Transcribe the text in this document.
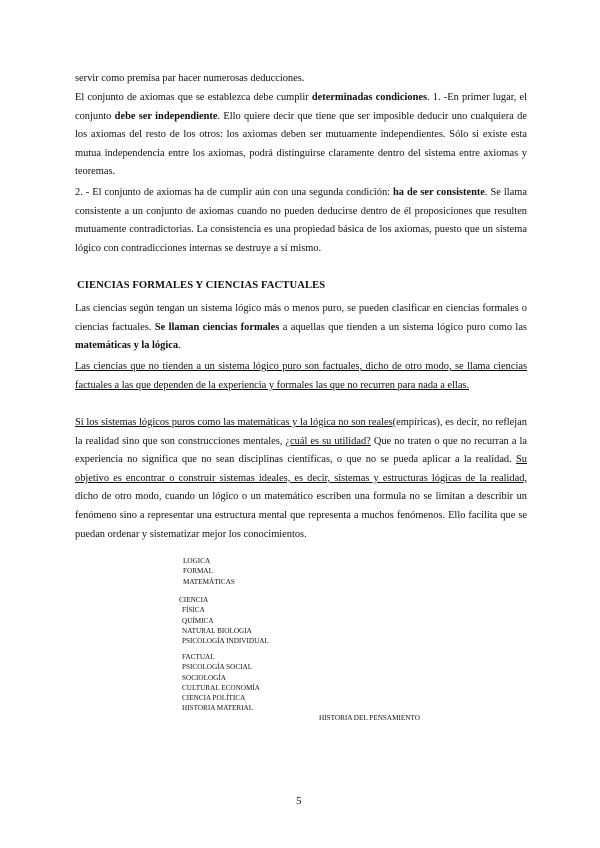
servir como premisa par hacer numerosas deducciones.

El conjunto de axiomas que se establezca debe cumplir determinadas condiciones. 1. -En primer lugar, el conjunto debe ser independiente. Ello quiere decir que tiene que ser imposible deducir uno cualquiera de los axiomas del resto de los otros: los axiomas deben ser mutuamente independientes. Sólo si existe esta mutua independencia entre los axiomas, podrá distinguirse claramente dentro del sistema entre axiomas y teoremas.

2. - El conjunto de axiomas ha de cumplir aún con una segunda condición: ha de ser consistente. Se llama consistente a un conjunto de axiomas cuando no pueden deducirse dentro de él proposiciones que resulten mutuamente contradictorias. La consistencia es una propiedad básica de los axiomas, puesto que un sistema lógico con contradicciones internas se destruye a sí mismo.

CIENCIAS FORMALES Y CIENCIAS FACTUALES

Las ciencias según tengan un sistema lógico más o menos puro, se pueden clasificar en ciencias formales o ciencias factuales. Se llaman ciencias formales a aquellas que tienden a un sistema lógico puro como las matemáticas y la lógica.

Las ciencias que no tienden a un sistema lógico puro son factuales, dicho de otro modo, se llama ciencias factuales a las que dependen de la experiencia y formales las que no recurren para nada a ellas.

Si los sistemas lógicos puros como las matemáticas y la lógica no son reales(empíricas), es decir, no reflejan la realidad sino que son construcciones mentales, ¿cuál es su utilidad? Que no traten o que no recurran a la experiencia no significa que no sean disciplinas científicas, o que no se pueda aplicar a la realidad. Su objetivo es encontrar o construir sistemas ideales, es decir, sistemas y estructuras lógicas de la realidad, dicho de otro modo, cuando un lógico o un matemático escriben una formula no se limitan a describir un fenómeno sino a representar una estructura mental que representa a muchos fenómenos. Ello facilita que se puedan ordenar y sistematizar mejor los conocimientos.

LOGICA
FORMAL
MATEMÁTICAS
CIENCIA
FÍSICA
QUÍMICA
NATURAL BIOLOGIA
PSICOLOGÍA INDIVIDUAL
FACTUAL
PSICOLOGÍA SOCIAL
SOCIOLOGÍA
CULTURAL ECONOMÍA
CIENCIA POLÍTICA
HISTORIA MATERIAL
HISTORIA DEL PENSAMIENTO
5
